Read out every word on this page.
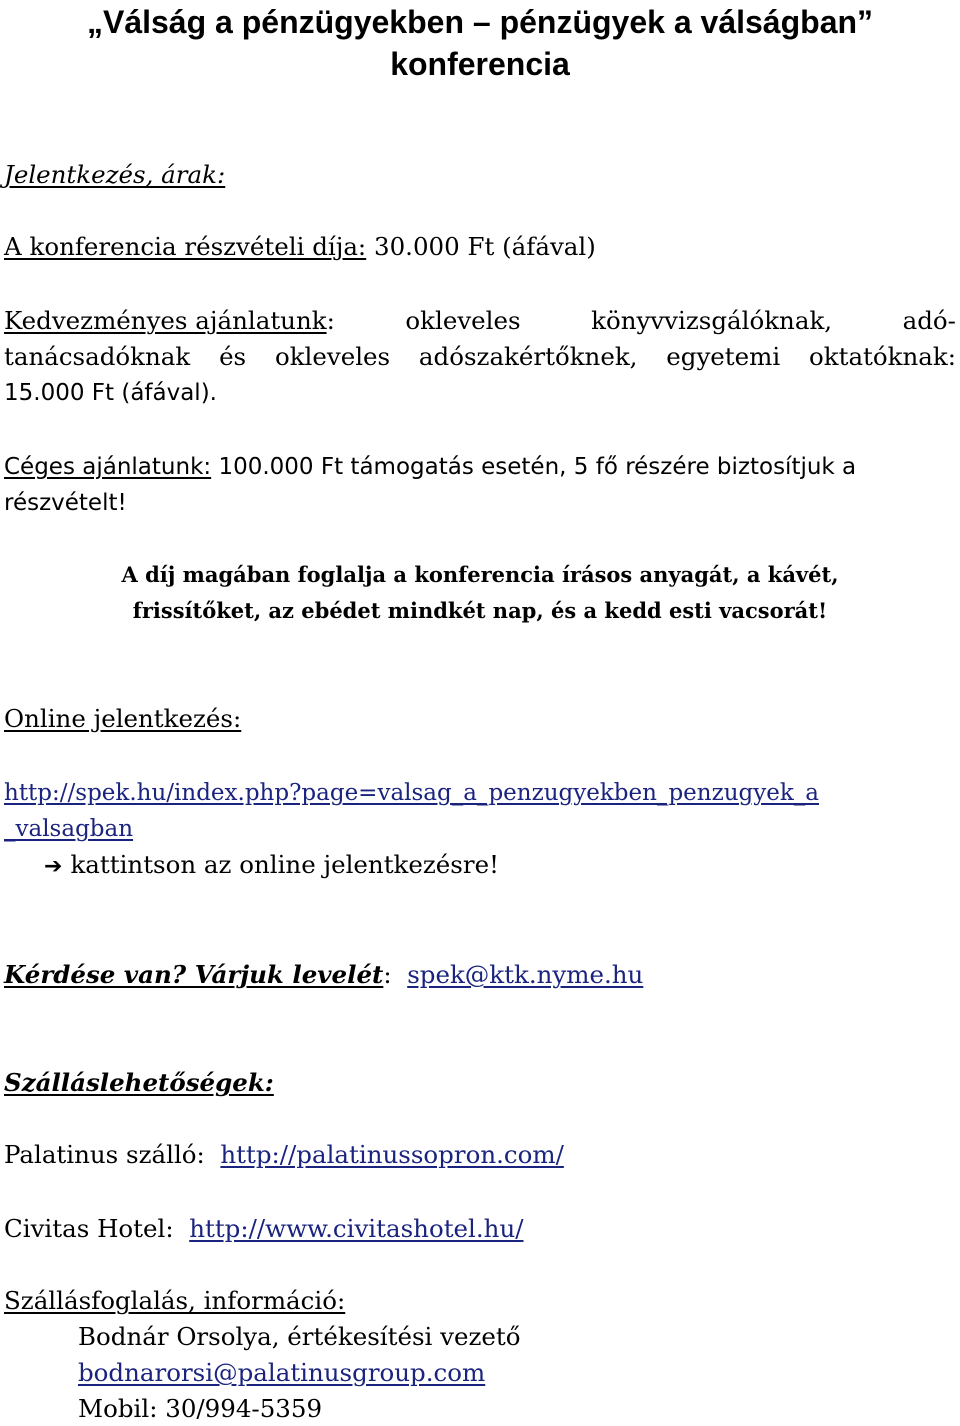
„Válság a pénzügyekben – pénzügyek a válságban”
konferencia
Jelentkezés, árak:
A konferencia részvételi díja: 30.000 Ft (áfával)
Kedvezményes ajánlatunk:	okleveles	könyvvizsgálóknak,	adó-
tanácsadóknak és okleveles adószakértőknek, egyetemi oktatóknak:
15.000 Ft (áfával).
Céges ajánlatunk: 100.000 Ft támogatás esetén, 5 fő részére biztosítjuk a
részvételt!
A díj magában foglalja a konferencia írásos anyagát, a kávét,
frissítőket, az ebédet mindkét nap, és a kedd esti vacsorát!
Online jelentkezés:
http://spek.hu/index.php?page=valsag_a_penzugyekben_penzugyek_a
_valsagban
➔ kattintson az online jelentkezésre!
Kérdése van? Várjuk levelét:  spek@ktk.nyme.hu
Szálláslehetőségek:
Palatinus szálló: http://palatinussopron.com/
Civitas Hotel: http://www.civitashotel.hu/
Szállásfoglalás, információ:
Bodnár Orsolya, értékesítési vezető
bodnarorsi@palatinusgroup.com
Mobil: 30/994-5359
